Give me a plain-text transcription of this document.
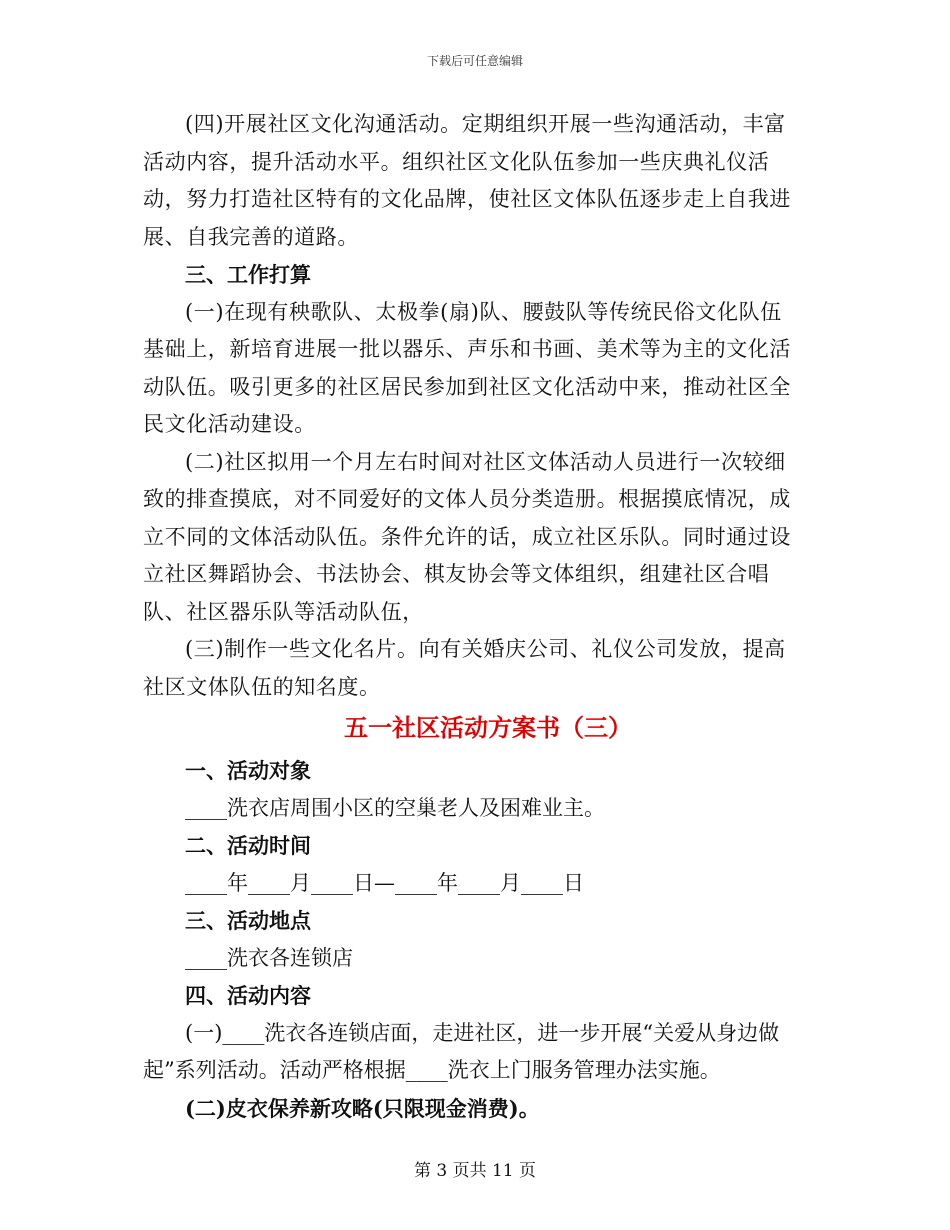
下载后可任意编辑

(四)开展社区文化沟通活动。定期组织开展一些沟通活动，丰富活动内容，提升活动水平。组织社区文化队伍参加一些庆典礼仪活动，努力打造社区特有的文化品牌，使社区文体队伍逐步走上自我进展、自我完善的道路。

三、工作打算

(一)在现有秧歌队、太极拳(扇)队、腰鼓队等传统民俗文化队伍基础上，新培育进展一批以器乐、声乐和书画、美术等为主的文化活动队伍。吸引更多的社区居民参加到社区文化活动中来，推动社区全民文化活动建设。

(二)社区拟用一个月左右时间对社区文体活动人员进行一次较细致的排查摸底，对不同爱好的文体人员分类造册。根据摸底情况，成立不同的文体活动队伍。条件允许的话，成立社区乐队。同时通过设立社区舞蹈协会、书法协会、棋友协会等文体组织，组建社区合唱队、社区器乐队等活动队伍，

(三)制作一些文化名片。向有关婚庆公司、礼仪公司发放，提高社区文体队伍的知名度。

五一社区活动方案书（三）

一、活动对象

____洗衣店周围小区的空巢老人及困难业主。

二、活动时间

____年____月____日—____年____月____日

三、活动地点

____洗衣各连锁店

四、活动内容

(一)____洗衣各连锁店面，走进社区，进一步开展“关爱从身边做起”系列活动。活动严格根据____洗衣上门服务管理办法实施。

(二)皮衣保养新攻略(只限现金消费)。

第 3 页共 11 页
